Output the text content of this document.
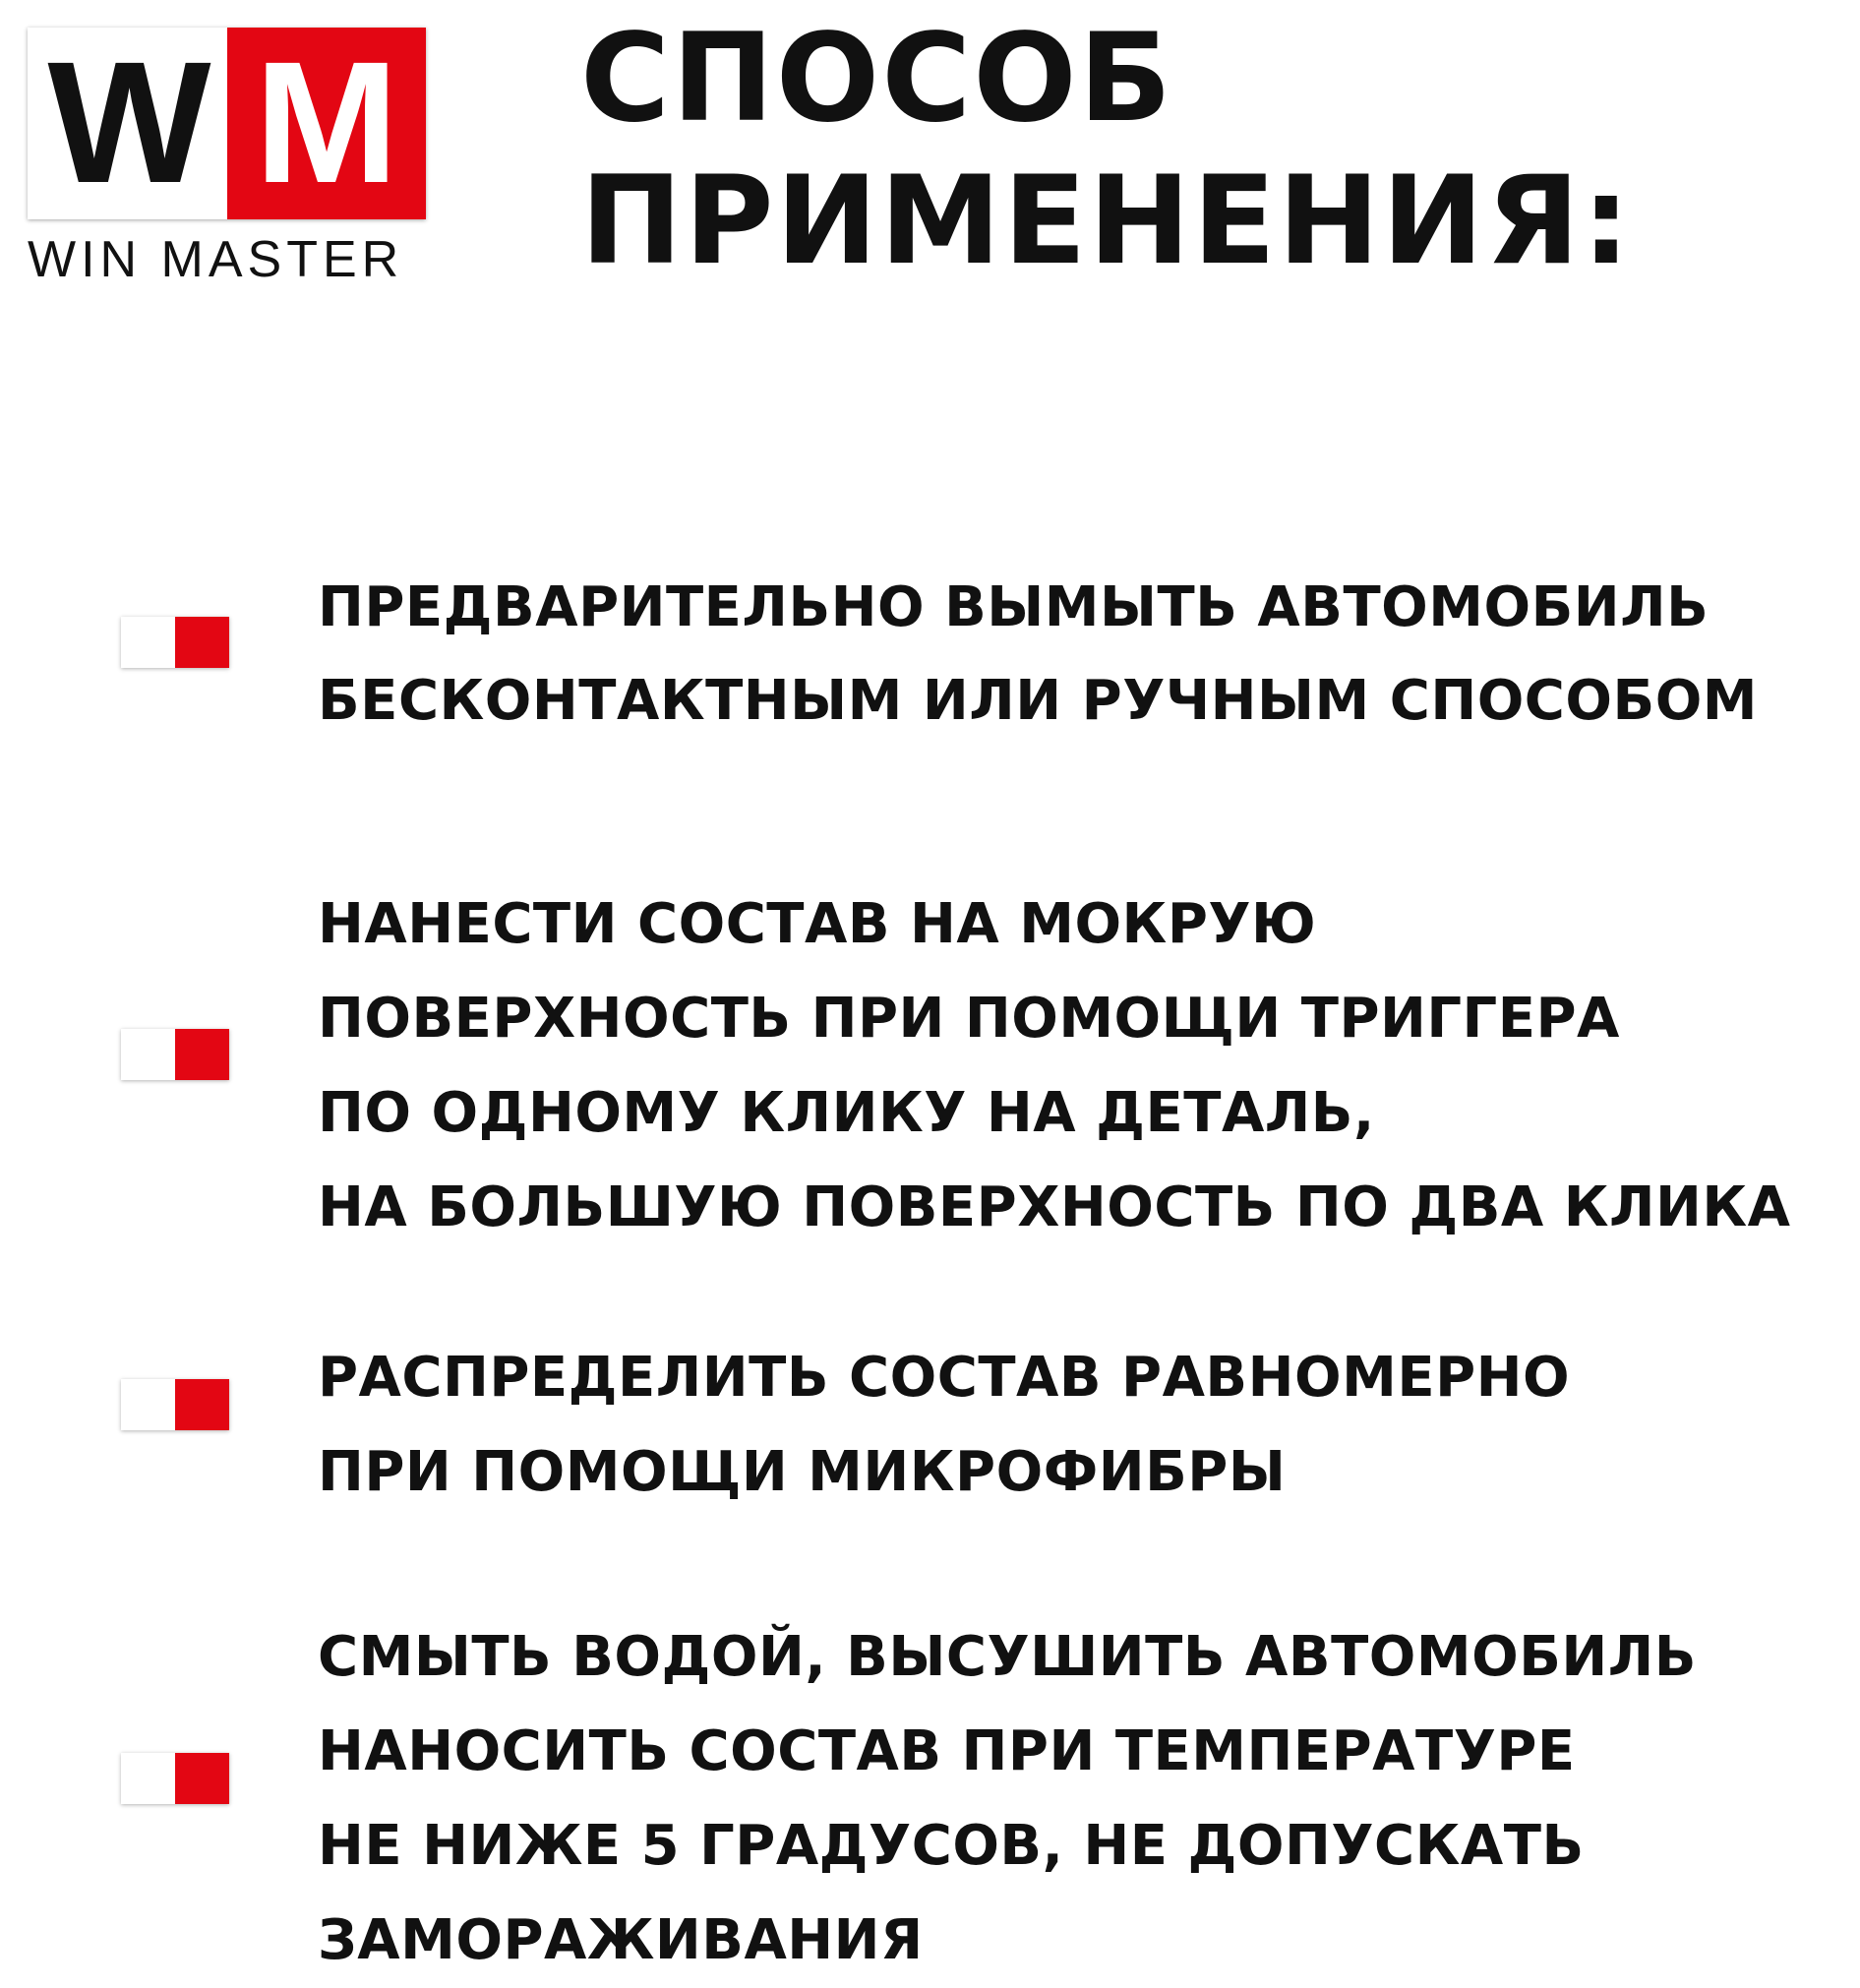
W M
WIN MASTER
СПОСОБ
ПРИМЕНЕНИЯ:
ПРЕДВАРИТЕЛЬНО ВЫМЫТЬ АВТОМОБИЛЬ
БЕСКОНТАКТНЫМ ИЛИ РУЧНЫМ СПОСОБОМ
НАНЕСТИ СОСТАВ НА МОКРУЮ
ПОВЕРХНОСТЬ ПРИ ПОМОЩИ ТРИГГЕРА
ПО ОДНОМУ КЛИКУ НА ДЕТАЛЬ,
НА БОЛЬШУЮ ПОВЕРХНОСТЬ ПО ДВА КЛИКА
РАСПРЕДЕЛИТЬ СОСТАВ РАВНОМЕРНО
ПРИ ПОМОЩИ МИКРОФИБРЫ
СМЫТЬ ВОДОЙ, ВЫСУШИТЬ АВТОМОБИЛЬ
НАНОСИТЬ СОСТАВ ПРИ ТЕМПЕРАТУРЕ
НЕ НИЖЕ 5 ГРАДУСОВ, НЕ ДОПУСКАТЬ
ЗАМОРАЖИВАНИЯ
